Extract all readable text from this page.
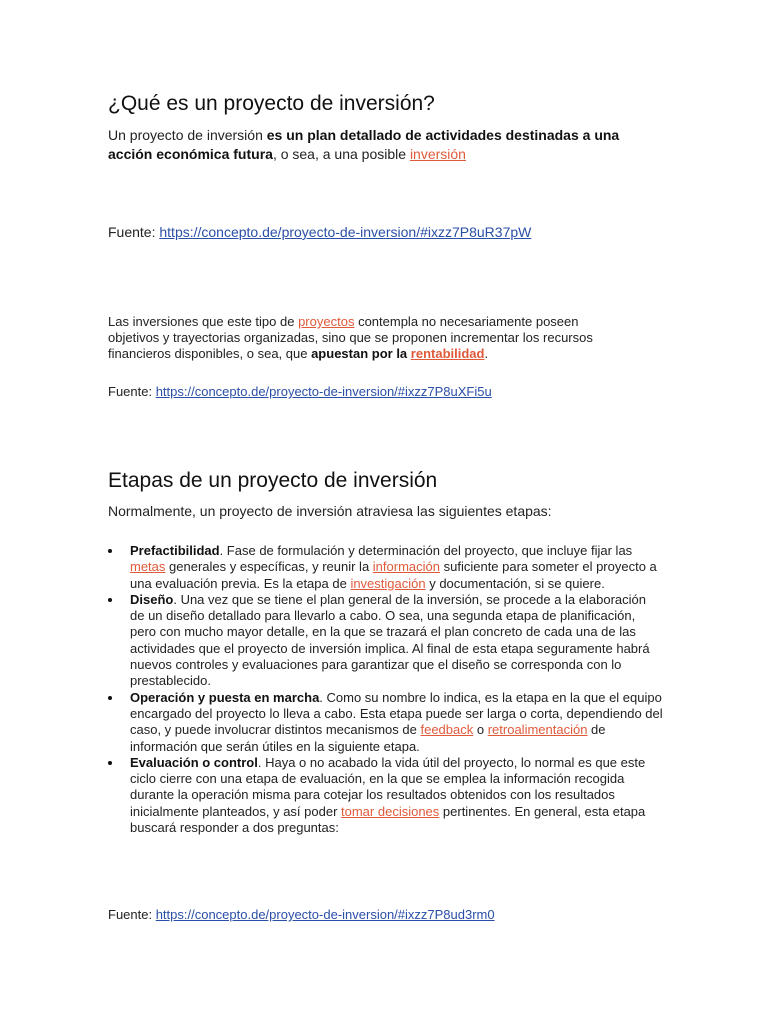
¿Qué es un proyecto de inversión?
Un proyecto de inversión es un plan detallado de actividades destinadas a una acción económica futura, o sea, a una posible inversión
Fuente: https://concepto.de/proyecto-de-inversion/#ixzz7P8uR37pW
Las inversiones que este tipo de proyectos contempla no necesariamente poseen objetivos y trayectorias organizadas, sino que se proponen incrementar los recursos financieros disponibles, o sea, que apuestan por la rentabilidad.
Fuente: https://concepto.de/proyecto-de-inversion/#ixzz7P8uXFi5u
Etapas de un proyecto de inversión
Normalmente, un proyecto de inversión atraviesa las siguientes etapas:
Prefactibilidad. Fase de formulación y determinación del proyecto, que incluye fijar las metas generales y específicas, y reunir la información suficiente para someter el proyecto a una evaluación previa. Es la etapa de investigación y documentación, si se quiere.
Diseño. Una vez que se tiene el plan general de la inversión, se procede a la elaboración de un diseño detallado para llevarlo a cabo. O sea, una segunda etapa de planificación, pero con mucho mayor detalle, en la que se trazará el plan concreto de cada una de las actividades que el proyecto de inversión implica. Al final de esta etapa seguramente habrá nuevos controles y evaluaciones para garantizar que el diseño se corresponda con lo prestablecido.
Operación y puesta en marcha. Como su nombre lo indica, es la etapa en la que el equipo encargado del proyecto lo lleva a cabo. Esta etapa puede ser larga o corta, dependiendo del caso, y puede involucrar distintos mecanismos de feedback o retroalimentación de información que serán útiles en la siguiente etapa.
Evaluación o control. Haya o no acabado la vida útil del proyecto, lo normal es que este ciclo cierre con una etapa de evaluación, en la que se emplea la información recogida durante la operación misma para cotejar los resultados obtenidos con los resultados inicialmente planteados, y así poder tomar decisiones pertinentes. En general, esta etapa buscará responder a dos preguntas:
Fuente: https://concepto.de/proyecto-de-inversion/#ixzz7P8ud3rm0
